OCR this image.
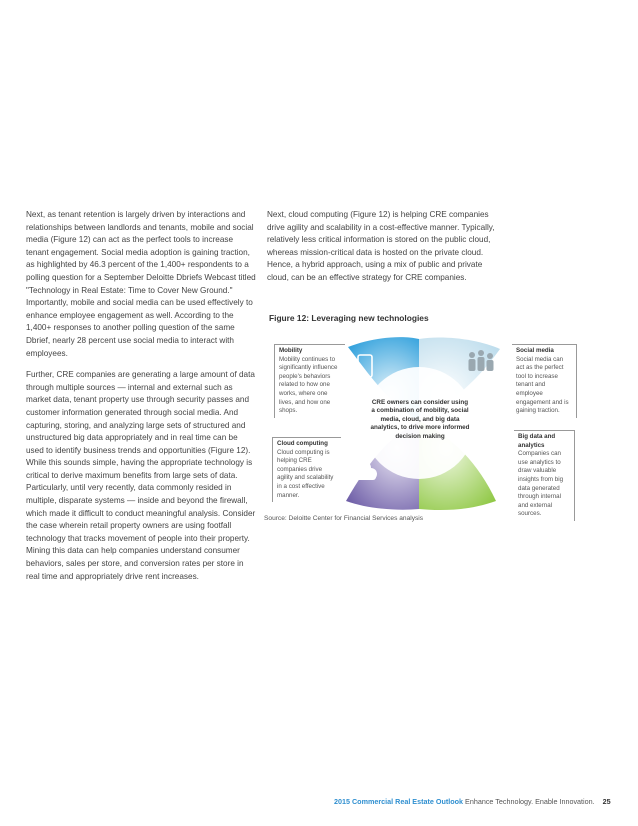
Next, as tenant retention is largely driven by interactions and relationships between landlords and tenants, mobile and social media (Figure 12) can act as the perfect tools to increase tenant engagement. Social media adoption is gaining traction, as highlighted by 46.3 percent of the 1,400+ respondents to a polling question for a September Deloitte Dbriefs Webcast titled "Technology in Real Estate: Time to Cover New Ground." Importantly, mobile and social media can be used effectively to enhance employee engagement as well. According to the 1,400+ responses to another polling question of the same Dbrief, nearly 28 percent use social media to interact with employees.

Further, CRE companies are generating a large amount of data through multiple sources — internal and external such as market data, tenant property use through security passes and customer information generated through social media. And capturing, storing, and analyzing large sets of structured and unstructured big data appropriately and in real time can be used to identify business trends and opportunities (Figure 12). While this sounds simple, having the appropriate technology is critical to derive maximum benefits from large sets of data. Particularly, until very recently, data commonly resided in multiple, disparate systems — inside and beyond the firewall, which made it difficult to conduct meaningful analysis. Consider the case wherein retail property owners are using footfall technology that tracks movement of people into their property. Mining this data can help companies understand consumer behaviors, sales per store, and conversion rates per store in real time and appropriately drive rent increases.

Next, cloud computing (Figure 12) is helping CRE companies drive agility and scalability in a cost-effective manner. Typically, relatively less critical information is stored on the public cloud, whereas mission-critical data is hosted on the private cloud. Hence, a hybrid approach, using a mix of public and private cloud, can be an effective strategy for CRE companies.

Figure 12: Leveraging new technologies
Mobility
Mobility continues to significantly influence people's behaviors related to how one works, where one lives, and how one shops.
Social media
Social media can act as the perfect tool to increase tenant and employee engagement and is gaining traction.
Cloud computing
Cloud computing is helping CRE companies drive agility and scalability in a cost effective manner.
Big data and analytics
Companies can use analytics to draw valuable insights from big data generated through internal and external sources.
CRE owners can consider using a combination of mobility, social media, cloud, and big data analytics, to drive more informed decision making
Source: Deloitte Center for Financial Services analysis
2015 Commercial Real Estate Outlook Enhance Technology. Enable Innovation. 25
